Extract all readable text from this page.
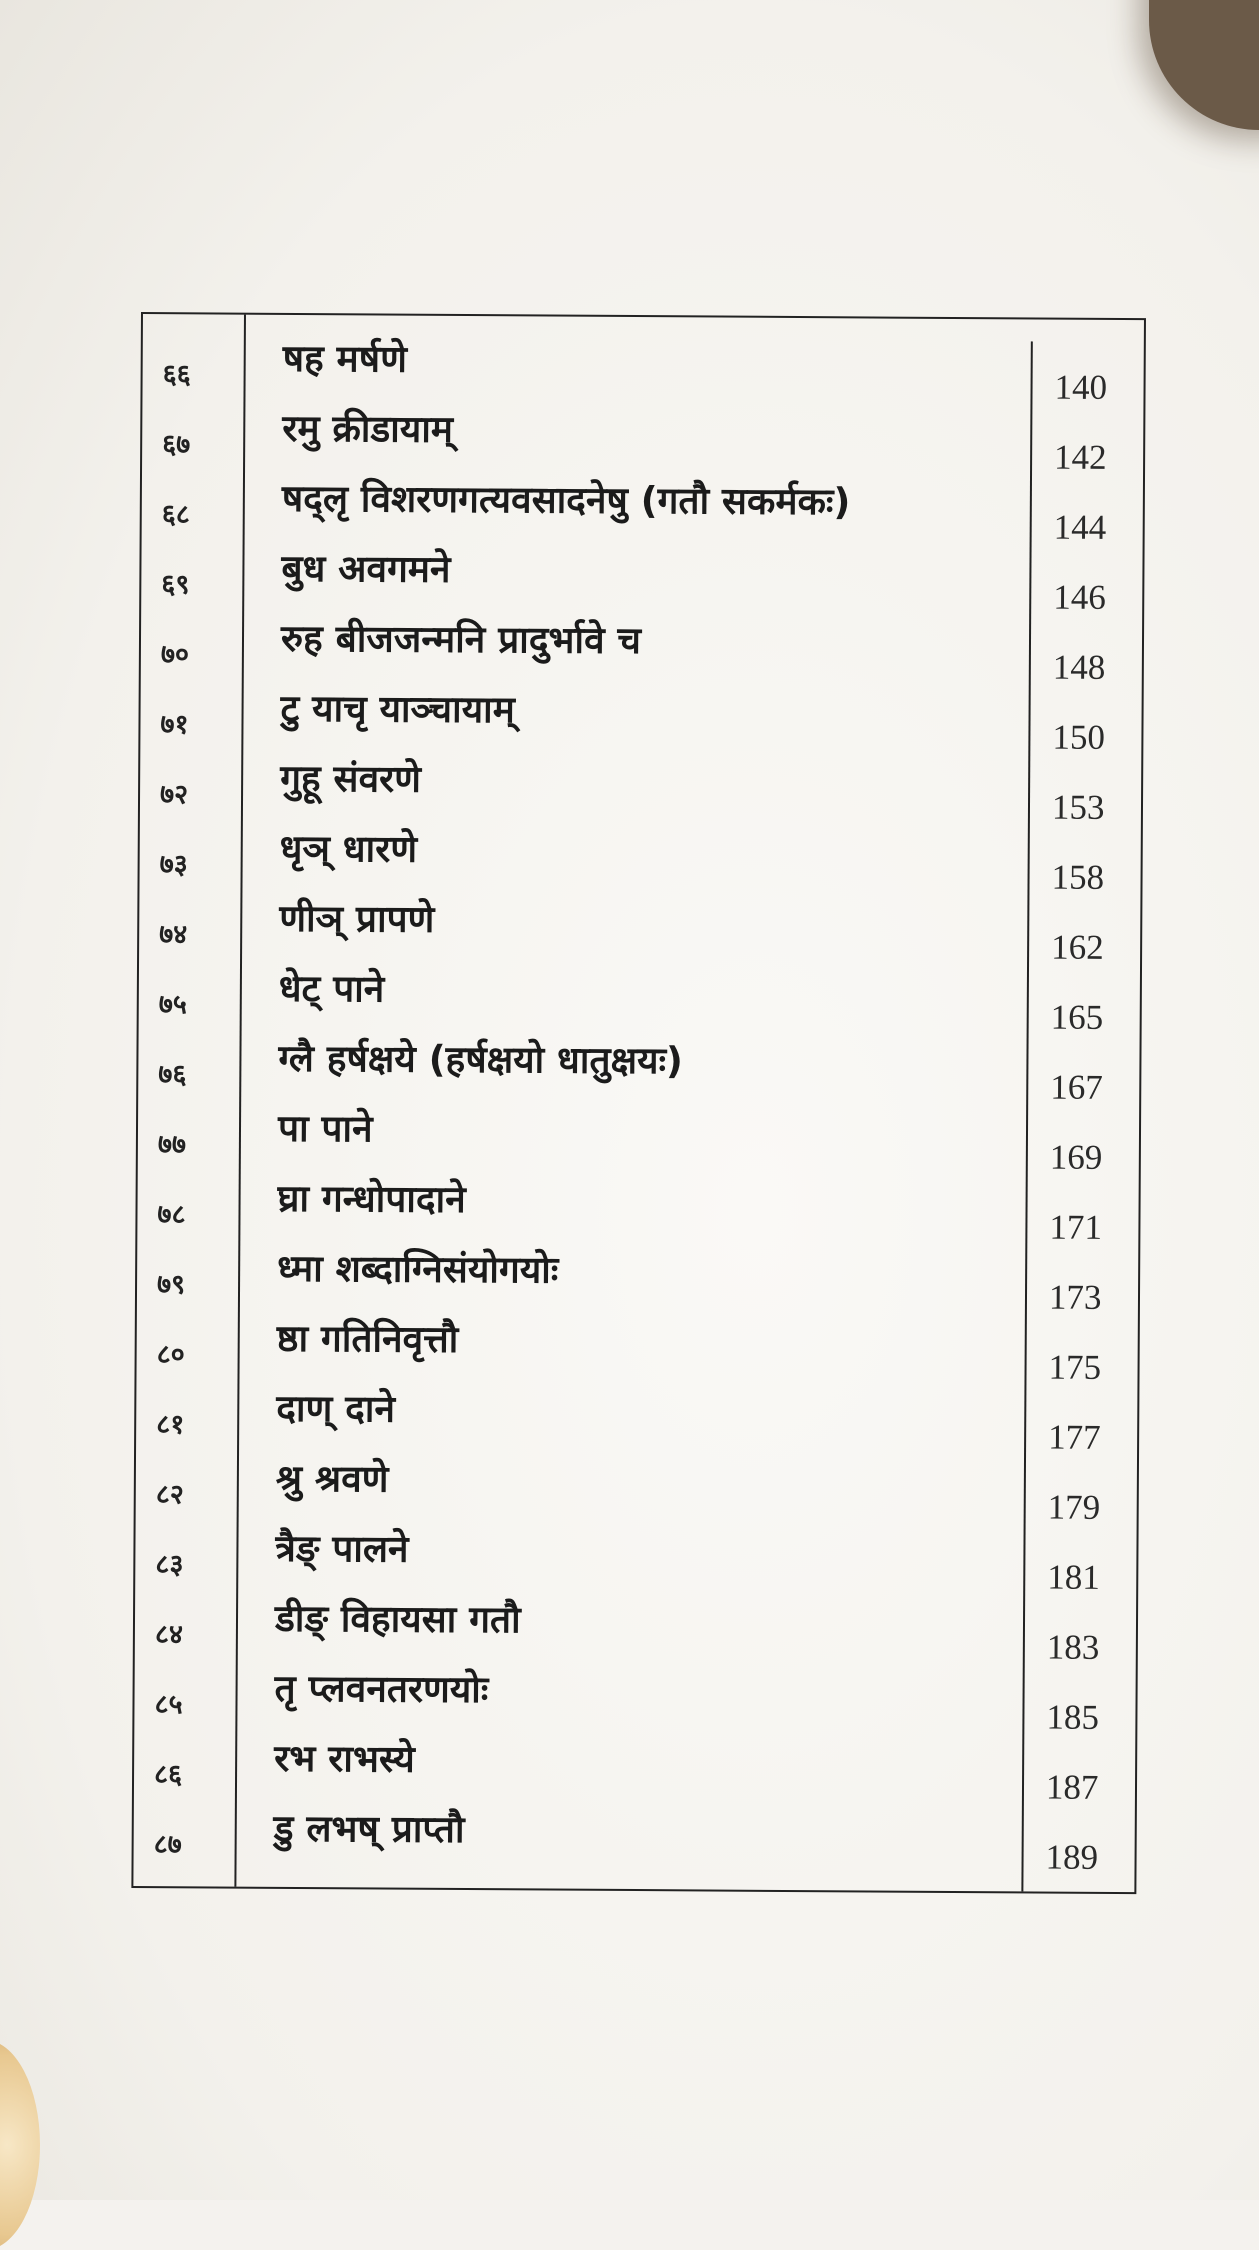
६६ षह मर्षणे
140
६७ रमु क्रीडायाम्
142
६८ षद्लृ विशरणगत्यवसादनेषु (गतौ सकर्मकः)
144
६९ बुध अवगमने
146
७० रुह बीजजन्मनि प्रादुर्भावे च
148
७१ टु याचृ याञ्चायाम्
150
७२ गुहू संवरणे
153
७३ धृञ् धारणे
158
७४ णीञ् प्रापणे
162
७५ धेट् पाने
165
७६ ग्लै हर्षक्षये (हर्षक्षयो धातुक्षयः)
167
७७ पा पाने
169
७८ घ्रा गन्धोपादाने
171
७९ ध्मा शब्दाग्निसंयोगयोः
173
८० ष्ठा गतिनिवृत्तौ
175
८१ दाण् दाने
177
८२ श्रु श्रवणे
179
८३ त्रैङ् पालने
181
८४ डीङ् विहायसा गतौ
183
८५ तृ प्लवनतरणयोः
185
८६ रभ राभस्ये
187
८७ डु लभष् प्राप्तौ
189
